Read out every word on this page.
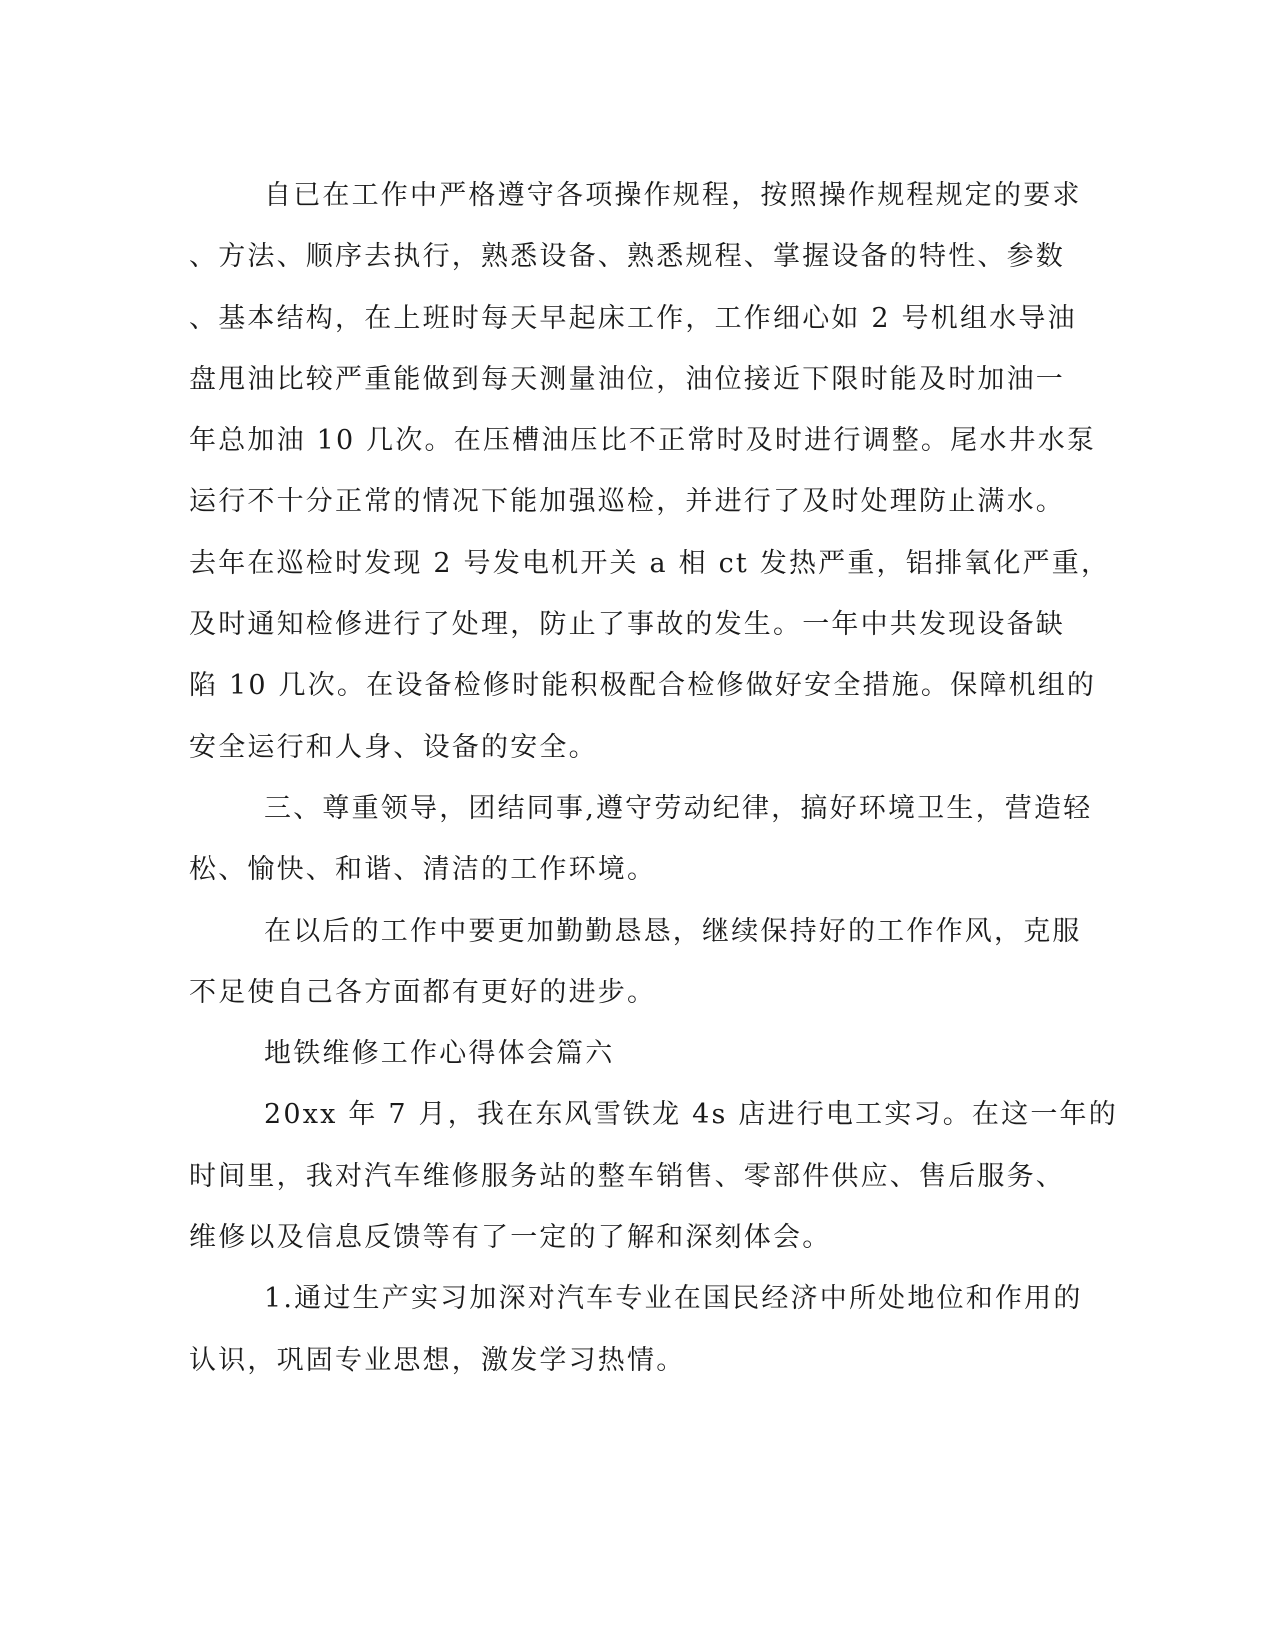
自已在工作中严格遵守各项操作规程，按照操作规程规定的要求
、方法、顺序去执行，熟悉设备、熟悉规程、掌握设备的特性、参数
、基本结构，在上班时每天早起床工作，工作细心如 2 号机组水导油
盘甩油比较严重能做到每天测量油位，油位接近下限时能及时加油一
年总加油 10 几次。在压槽油压比不正常时及时进行调整。尾水井水泵
运行不十分正常的情况下能加强巡检，并进行了及时处理防止满水。
去年在巡检时发现 2 号发电机开关 a 相 ct 发热严重，铝排氧化严重，
及时通知检修进行了处理，防止了事故的发生。一年中共发现设备缺
陷 10 几次。在设备检修时能积极配合检修做好安全措施。保障机组的
安全运行和人身、设备的安全。
三、尊重领导，团结同事,遵守劳动纪律，搞好环境卫生，营造轻
松、愉快、和谐、清洁的工作环境。
在以后的工作中要更加勤勤恳恳，继续保持好的工作作风，克服
不足使自己各方面都有更好的进步。
地铁维修工作心得体会篇六
20xx 年 7 月，我在东风雪铁龙 4s 店进行电工实习。在这一年的
时间里，我对汽车维修服务站的整车销售、零部件供应、售后服务、
维修以及信息反馈等有了一定的了解和深刻体会。
1.通过生产实习加深对汽车专业在国民经济中所处地位和作用的
认识，巩固专业思想，激发学习热情。
